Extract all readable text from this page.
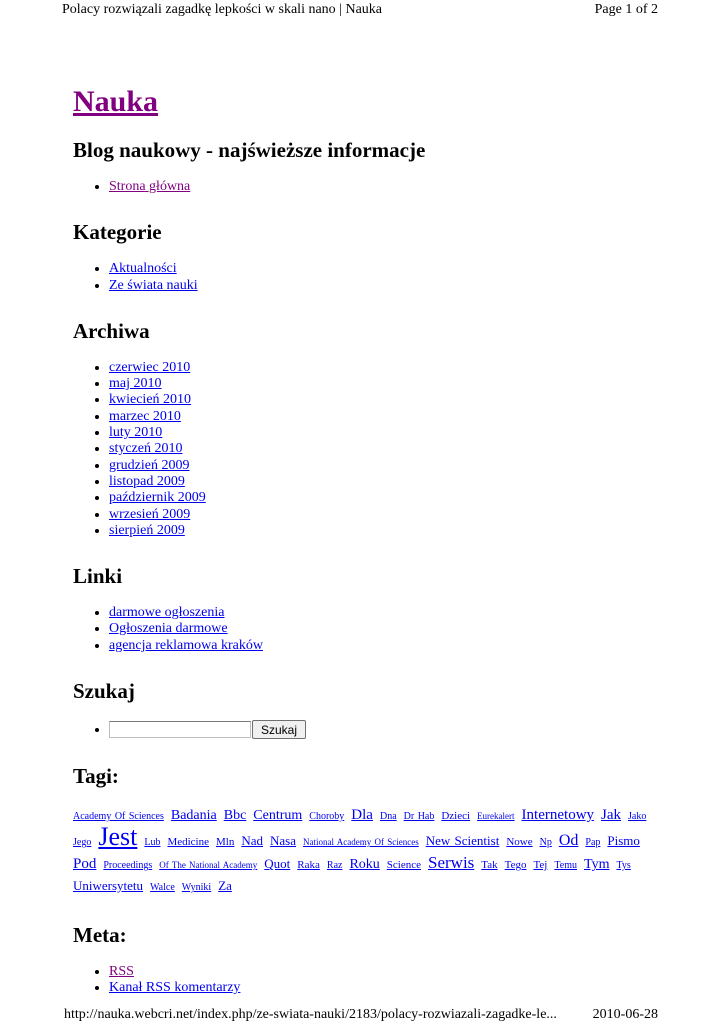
Polacy rozwiązali zagadkę lepkości w skali nano | Nauka	Page 1 of 2
Nauka
Blog naukowy - najświeższe informacje
• Strona główna
Kategorie
• Aktualności
• Ze świata nauki
Archiwa
• czerwiec 2010
• maj 2010
• kwiecień 2010
• marzec 2010
• luty 2010
• styczeń 2010
• grudzień 2009
• listopad 2009
• październik 2009
• wrzesień 2009
• sierpień 2009
Linki
• darmowe ogłoszenia
• Ogłoszenia darmowe
• agencja reklamowa kraków
Szukaj
• Szukaj
Tagi:
Academy Of Sciences Badania Bbc Centrum Choroby Dla Dna Dr Hab Dzieci Eurekalert Internetowy Jak Jako Jego Jest Lub Medicine Mln Nad Nasa National Academy Of Sciences New Scientist Nowe Np Od Pap Pismo Pod Proceedings Of The National Academy Quot Raka Raz Roku Science Serwis Tak Tego Tej Temu Tym Tys Uniwersytetu Walce Wyniki Za
Meta:
• RSS
• Kanał RSS komentarzy
http://nauka.webcri.net/index.php/ze-swiata-nauki/2183/polacy-rozwiazali-zagadke-le...	2010-06-28
